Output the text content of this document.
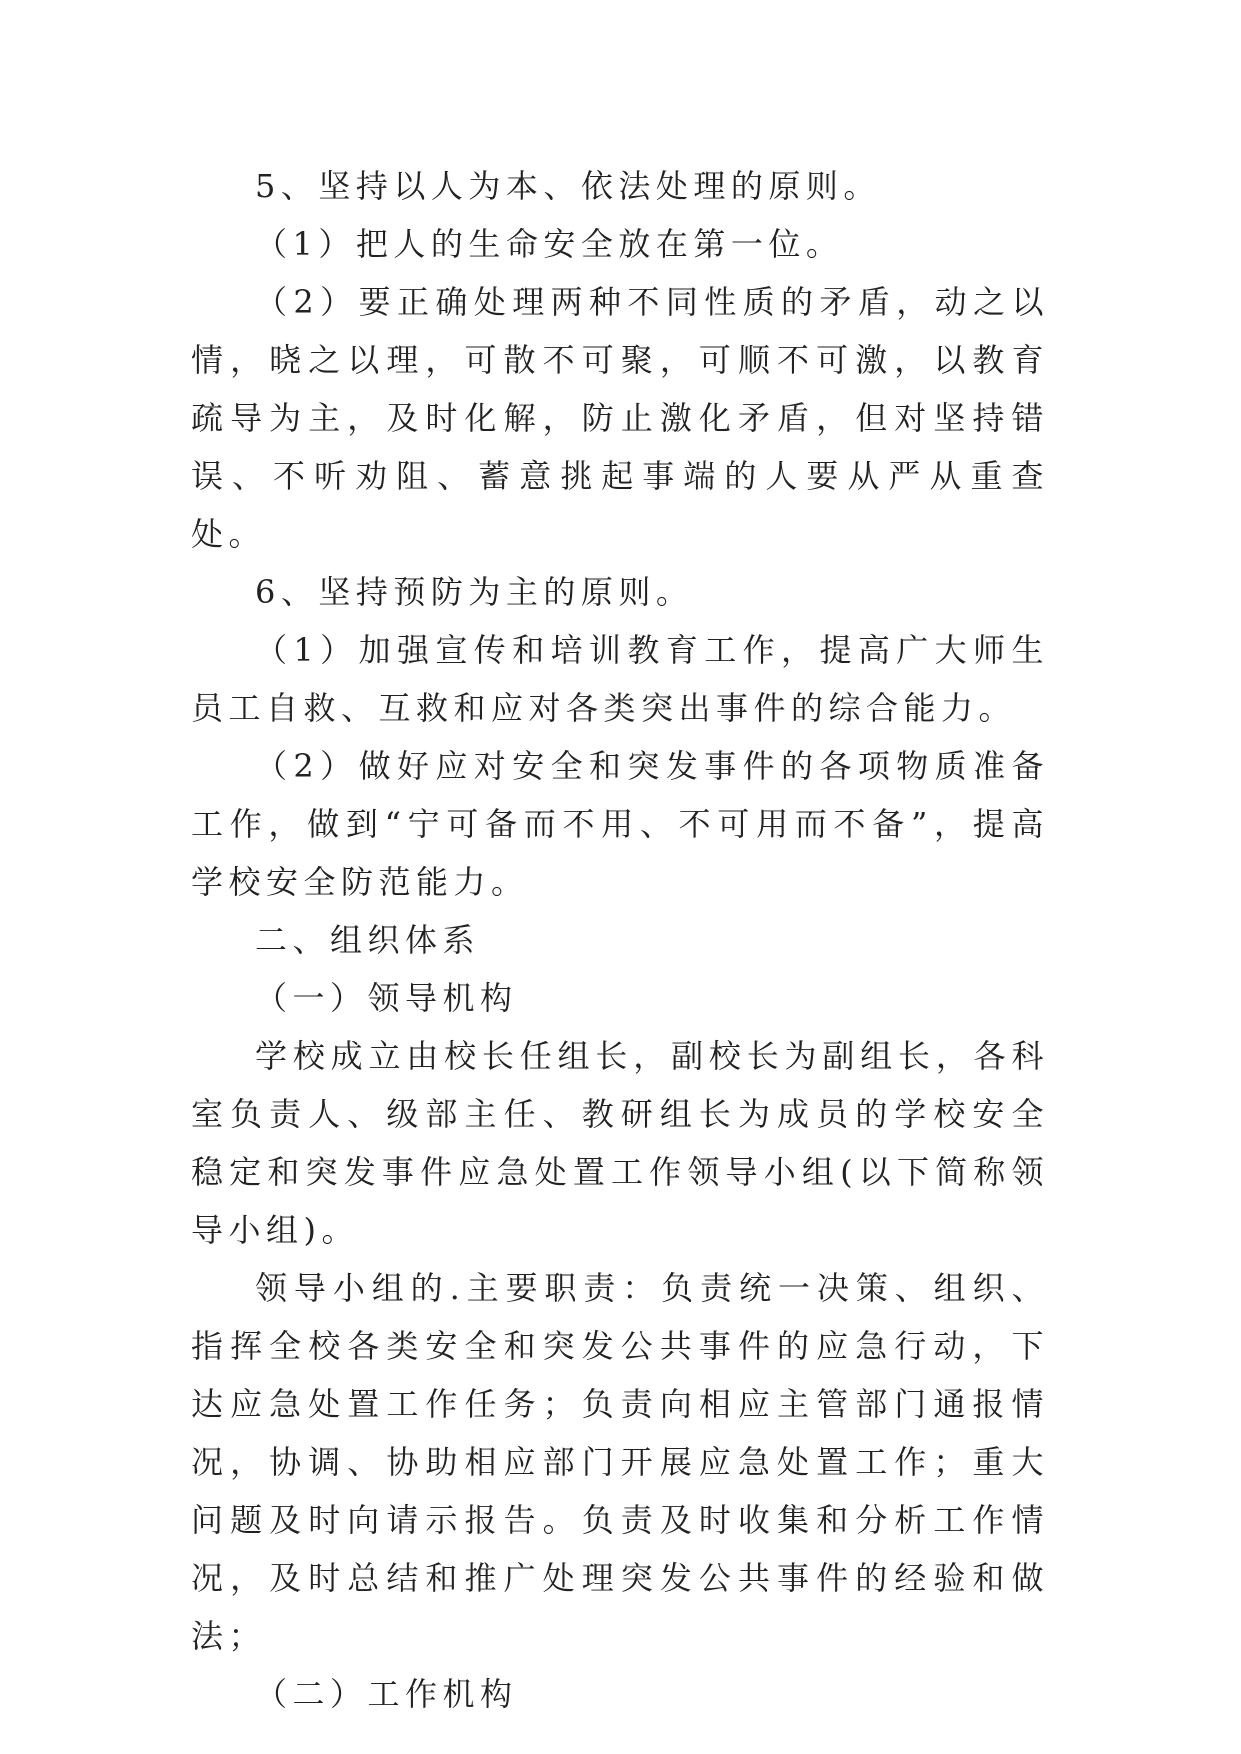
5、坚持以人为本、依法处理的原则。

（1）把人的生命安全放在第一位。

（2）要正确处理两种不同性质的矛盾，动之以情，晓之以理，可散不可聚，可顺不可激，以教育疏导为主，及时化解，防止激化矛盾，但对坚持错误、不听劝阻、蓄意挑起事端的人要从严从重查处。

6、坚持预防为主的原则。

（1）加强宣传和培训教育工作，提高广大师生员工自救、互救和应对各类突出事件的综合能力。

（2）做好应对安全和突发事件的各项物质准备工作，做到“宁可备而不用、不可用而不备”，提高学校安全防范能力。

二、组织体系

（一）领导机构

学校成立由校长任组长，副校长为副组长，各科室负责人、级部主任、教研组长为成员的学校安全稳定和突发事件应急处置工作领导小组(以下简称领导小组)。

领导小组的.主要职责：负责统一决策、组织、指挥全校各类安全和突发公共事件的应急行动，下达应急处置工作任务；负责向相应主管部门通报情况，协调、协助相应部门开展应急处置工作；重大问题及时向请示报告。负责及时收集和分析工作情况，及时总结和推广处理突发公共事件的经验和做法；

（二）工作机构
